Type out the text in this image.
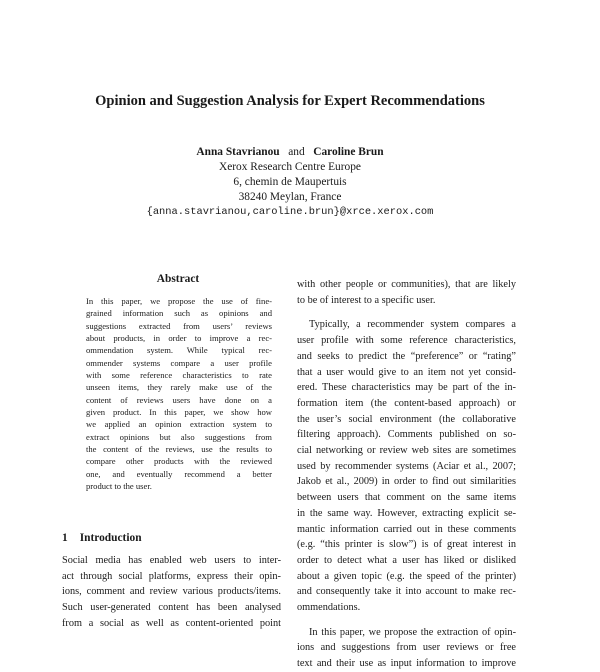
Opinion and Suggestion Analysis for Expert Recommendations
Anna Stavrianou and Caroline Brun
Xerox Research Centre Europe
6, chemin de Maupertuis
38240 Meylan, France
{anna.stavrianou,caroline.brun}@xrce.xerox.com
Abstract
In this paper, we propose the use of fine-
grained information such as opinions and
suggestions extracted from users’ reviews
about products, in order to improve a rec-
ommendation system. While typical rec-
ommender systems compare a user profile
with some reference characteristics to rate
unseen items, they rarely make use of the
content of reviews users have done on a
given product. In this paper, we show how
we applied an opinion extraction system to
extract opinions but also suggestions from
the content of the reviews, use the results to
compare other products with the reviewed
one, and eventually recommend a better
product to the user.
1 Introduction
Social media has enabled web users to inter-
act through social platforms, express their opin-
ions, comment and review various products/items.
Such user-generated content has been analysed
from a social as well as content-oriented point
with other people or communities), that are likely
to be of interest to a specific user.
Typically, a recommender system compares a
user profile with some reference characteristics,
and seeks to predict the “preference” or “rating”
that a user would give to an item not yet consid-
ered. These characteristics may be part of the in-
formation item (the content-based approach) or
the user’s social environment (the collaborative
filtering approach). Comments published on so-
cial networking or review web sites are sometimes
used by recommender systems (Aciar et al., 2007;
Jakob et al., 2009) in order to find out similarities
between users that comment on the same items
in the same way. However, extracting explicit se-
mantic information carried out in these comments
(e.g. “this printer is slow”) is of great interest in
order to detect what a user has liked or disliked
about a given topic (e.g. the speed of the printer)
and consequently take it into account to make rec-
ommendations.
In this paper, we propose the extraction of opin-
ions and suggestions from user reviews or free
text and their use as input information to improve
